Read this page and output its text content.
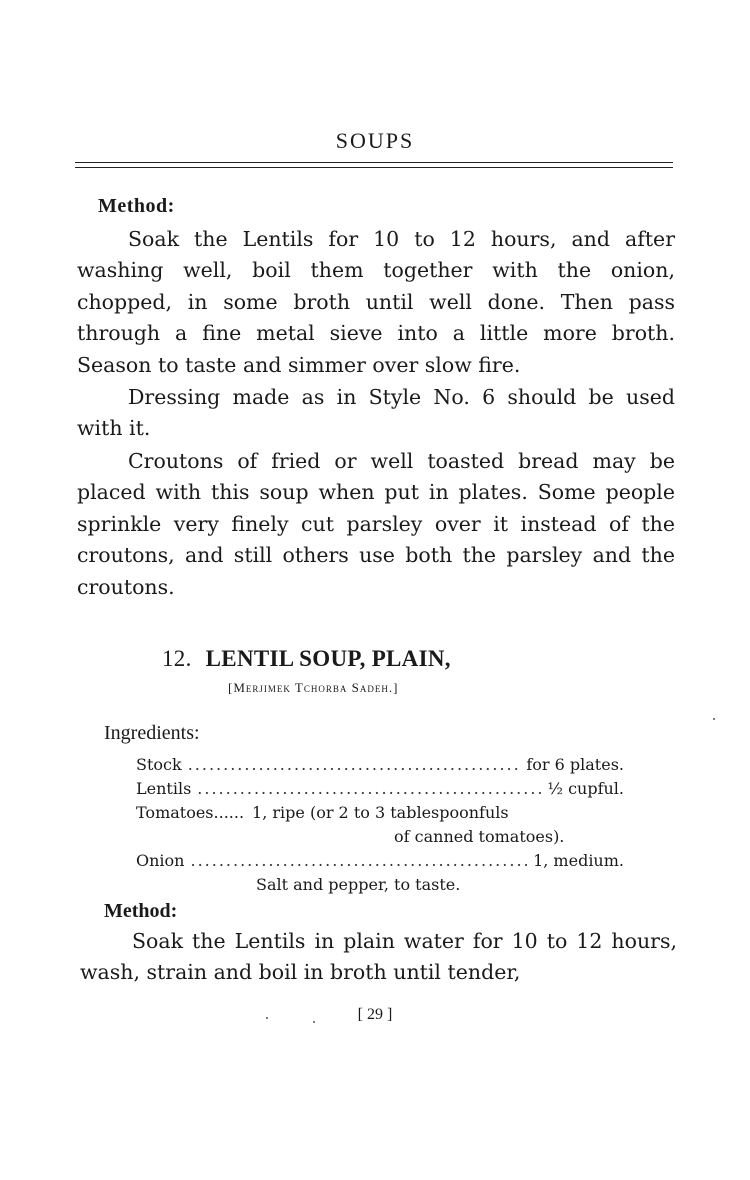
SOUPS
Method:

Soak the Lentils for 10 to 12 hours, and after washing well, boil them together with the onion, chopped, in some broth until well done. Then pass through a fine metal sieve into a little more broth. Season to taste and simmer over slow fire.

Dressing made as in Style No. 6 should be used with it.

Croutons of fried or well toasted bread may be placed with this soup when put in plates. Some people sprinkle very finely cut parsley over it instead of the croutons, and still others use both the parsley and the croutons.

12. LENTIL SOUP, PLAIN,
[Merjimek Tchorba Sadeh.]
Ingredients:
Stock .....	for 6 plates.
Lentils .....	½ cupful.
Tomatoes...... 1, ripe (or 2 to 3 tablespoonfuls
of canned tomatoes).
Onion .....	1, medium.
Salt and pepper, to taste.
Method:

Soak the Lentils in plain water for 10 to 12 hours, wash, strain and boil in broth until tender,

[ 29 ]
